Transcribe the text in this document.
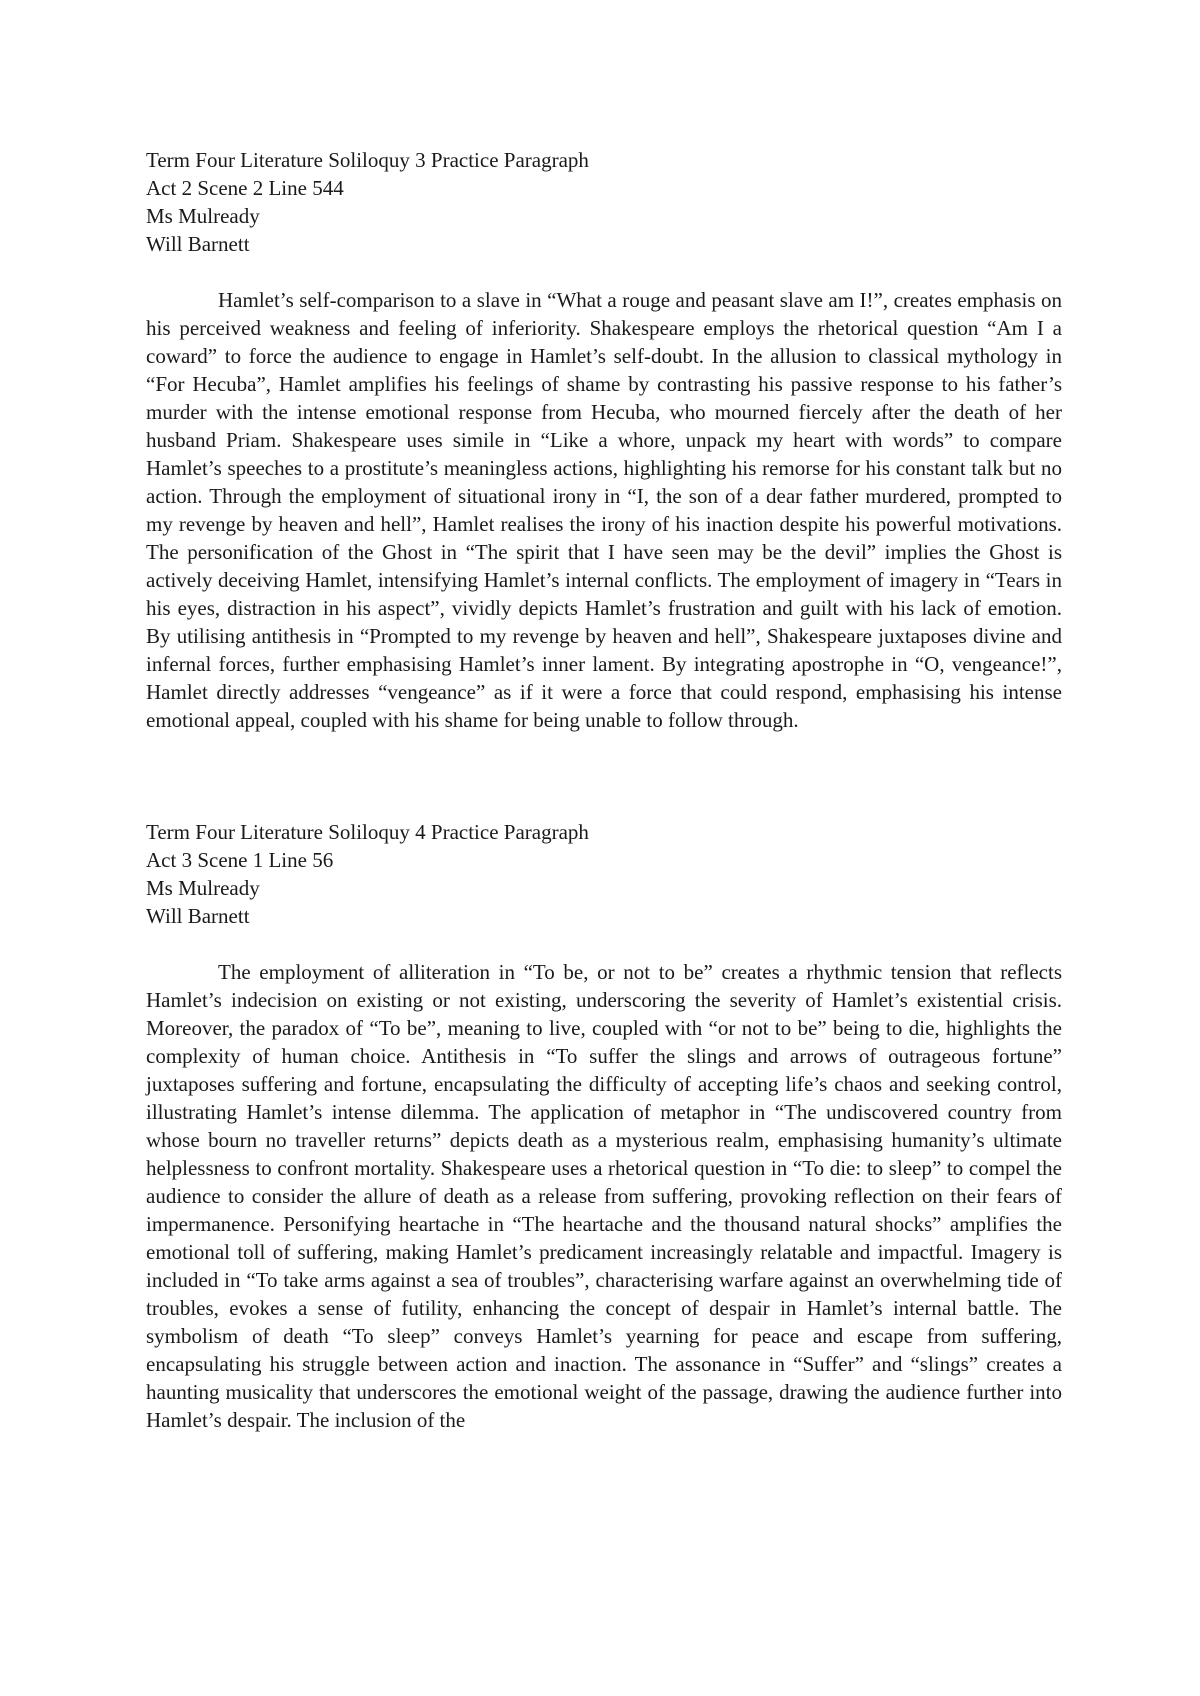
Term Four Literature Soliloquy 3 Practice Paragraph
Act 2 Scene 2 Line 544
Ms Mulready
Will Barnett

Hamlet’s self-comparison to a slave in “What a rouge and peasant slave am I!”, creates emphasis on his perceived weakness and feeling of inferiority. Shakespeare employs the rhetorical question “Am I a coward” to force the audience to engage in Hamlet’s self-doubt. In the allusion to classical mythology in “For Hecuba”, Hamlet amplifies his feelings of shame by contrasting his passive response to his father’s murder with the intense emotional response from Hecuba, who mourned fiercely after the death of her husband Priam. Shakespeare uses simile in “Like a whore, unpack my heart with words” to compare Hamlet’s speeches to a prostitute’s meaningless actions, highlighting his remorse for his constant talk but no action. Through the employment of situational irony in “I, the son of a dear father murdered, prompted to my revenge by heaven and hell”, Hamlet realises the irony of his inaction despite his powerful motivations. The personification of the Ghost in “The spirit that I have seen may be the devil” implies the Ghost is actively deceiving Hamlet, intensifying Hamlet’s internal conflicts. The employment of imagery in “Tears in his eyes, distraction in his aspect”, vividly depicts Hamlet’s frustration and guilt with his lack of emotion. By utilising antithesis in “Prompted to my revenge by heaven and hell”, Shakespeare juxtaposes divine and infernal forces, further emphasising Hamlet’s inner lament. By integrating apostrophe in “O, vengeance!”, Hamlet directly addresses “vengeance” as if it were a force that could respond, emphasising his intense emotional appeal, coupled with his shame for being unable to follow through.

Term Four Literature Soliloquy 4 Practice Paragraph
Act 3 Scene 1 Line 56
Ms Mulready
Will Barnett

The employment of alliteration in “To be, or not to be” creates a rhythmic tension that reflects Hamlet’s indecision on existing or not existing, underscoring the severity of Hamlet’s existential crisis. Moreover, the paradox of “To be”, meaning to live, coupled with “or not to be” being to die, highlights the complexity of human choice. Antithesis in “To suffer the slings and arrows of outrageous fortune” juxtaposes suffering and fortune, encapsulating the difficulty of accepting life’s chaos and seeking control, illustrating Hamlet’s intense dilemma. The application of metaphor in “The undiscovered country from whose bourn no traveller returns” depicts death as a mysterious realm, emphasising humanity’s ultimate helplessness to confront mortality. Shakespeare uses a rhetorical question in “To die: to sleep” to compel the audience to consider the allure of death as a release from suffering, provoking reflection on their fears of impermanence. Personifying heartache in “The heartache and the thousand natural shocks” amplifies the emotional toll of suffering, making Hamlet’s predicament increasingly relatable and impactful. Imagery is included in “To take arms against a sea of troubles”, characterising warfare against an overwhelming tide of troubles, evokes a sense of futility, enhancing the concept of despair in Hamlet’s internal battle. The symbolism of death “To sleep” conveys Hamlet’s yearning for peace and escape from suffering, encapsulating his struggle between action and inaction. The assonance in “Suffer” and “slings” creates a haunting musicality that underscores the emotional weight of the passage, drawing the audience further into Hamlet’s despair. The inclusion of the
